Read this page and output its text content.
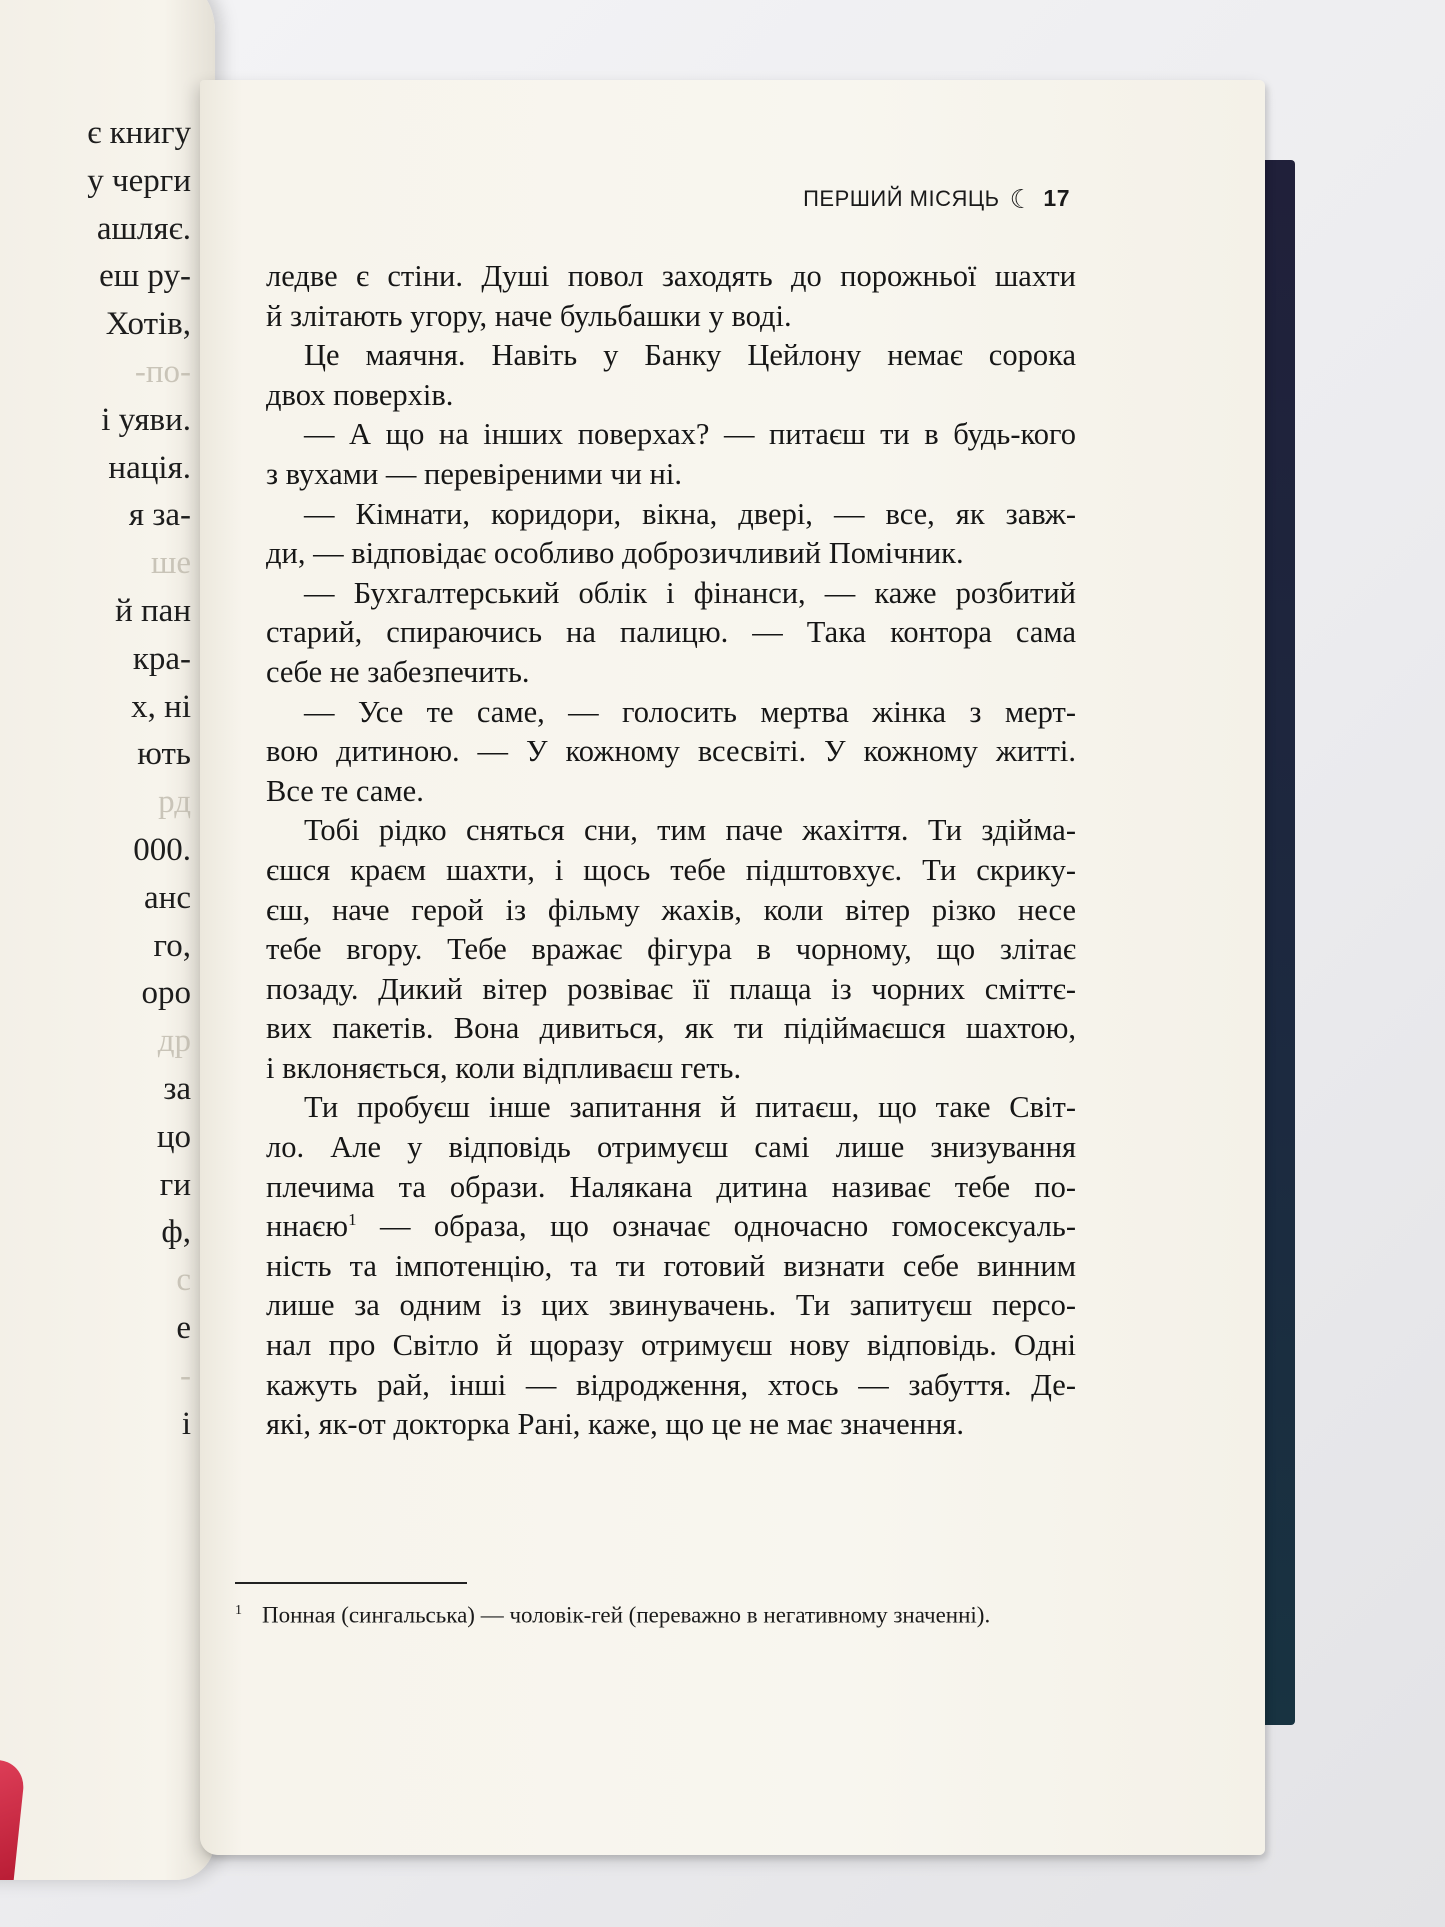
є книгу
у черги
ашляє.
еш ру-
Хотів,
-по-
і уяви.
нація.
я за-
ше
й пан
кра-
х, ні
ють
рд
000.
анс
го,
оро
др
за
цо
ги
ф,
с
е
-
і
ПЕРШИЙ МІСЯЦЬ ☾ 17
ледве є стіни. Душі повол заходять до порожньої шахти
й злітають угору, наче бульбашки у воді.
Це маячня. Навіть у Банку Цейлону немає сорока
двох поверхів.
— А що на інших поверхах? — питаєш ти в будь-кого
з вухами — перевіреними чи ні.
— Кімнати, коридори, вікна, двері, — все, як завж-
ди, — відповідає особливо доброзичливий Помічник.
— Бухгалтерський облік і фінанси, — каже розбитий
старий, спираючись на палицю. — Така контора сама
себе не забезпечить.
— Усе те саме, — голосить мертва жінка з мерт-
вою дитиною. — У кожному всесвіті. У кожному житті.
Все те саме.
Тобі рідко сняться сни, тим паче жахіття. Ти здійма-
єшся краєм шахти, і щось тебе підштовхує. Ти скрику-
єш, наче герой із фільму жахів, коли вітер різко несе
тебе вгору. Тебе вражає фігура в чорному, що злітає
позаду. Дикий вітер розвіває її плаща із чорних сміттє-
вих пакетів. Вона дивиться, як ти підіймаєшся шахтою,
і вклоняється, коли відпливаєш геть.
Ти пробуєш інше запитання й питаєш, що таке Світ-
ло. Але у відповідь отримуєш самі лише знизування
плечима та образи. Налякана дитина називає тебе по-
ннаєю$^1$ — образа, що означає одночасно гомосексуаль-
ність та імпотенцію, та ти готовий визнати себе винним
лише за одним із цих звинувачень. Ти запитуєш персо-
нал про Світло й щоразу отримуєш нову відповідь. Одні
кажуть рай, інші — відродження, хтось — забуття. Де-
які, як-от докторка Рані, каже, що це не має значення.
$^1$ Понная (сингальська) — чоловік-гей (переважно в негативному значенні).
